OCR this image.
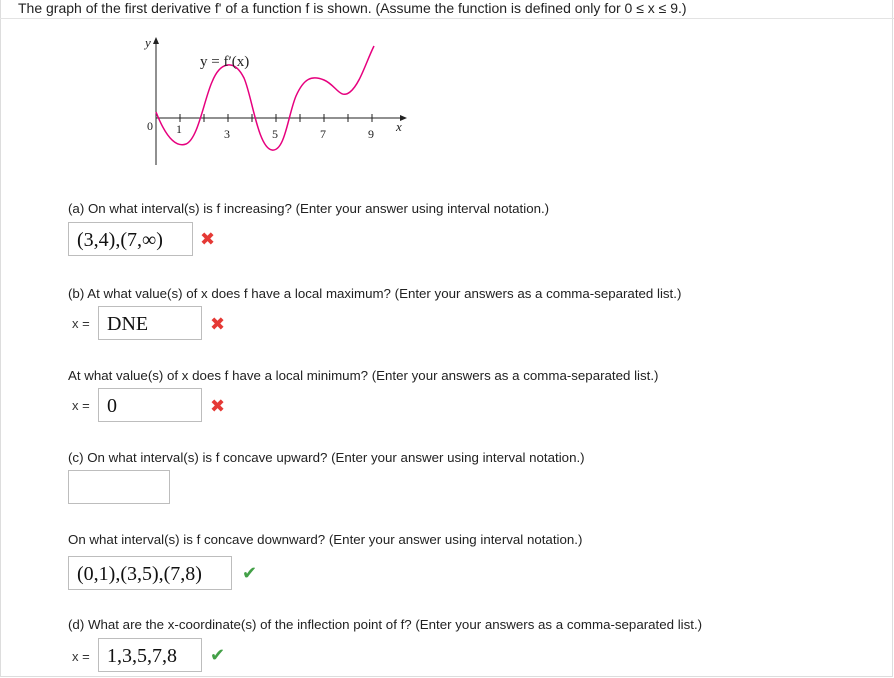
The graph of the first derivative f' of a function f is shown. (Assume the function is defined only for 0 ≤ x ≤ 9.)
y
y = f′(x)
0 1	3	5	7	9 x
(a) On what interval(s) is f increasing? (Enter your answer using interval notation.)
(3,4),(7,∞)	✖
(b) At what value(s) of x does f have a local maximum? (Enter your answers as a comma-separated list.)
x = DNE	✖
At what value(s) of x does f have a local minimum? (Enter your answers as a comma-separated list.)
x = 0	✖
(c) On what interval(s) is f concave upward? (Enter your answer using interval notation.)
On what interval(s) is f concave downward? (Enter your answer using interval notation.)
(0,1),(3,5),(7,8)	✔
(d) What are the x-coordinate(s) of the inflection point of f? (Enter your answers as a comma-separated list.)
x = 1,3,5,7,8	✔
